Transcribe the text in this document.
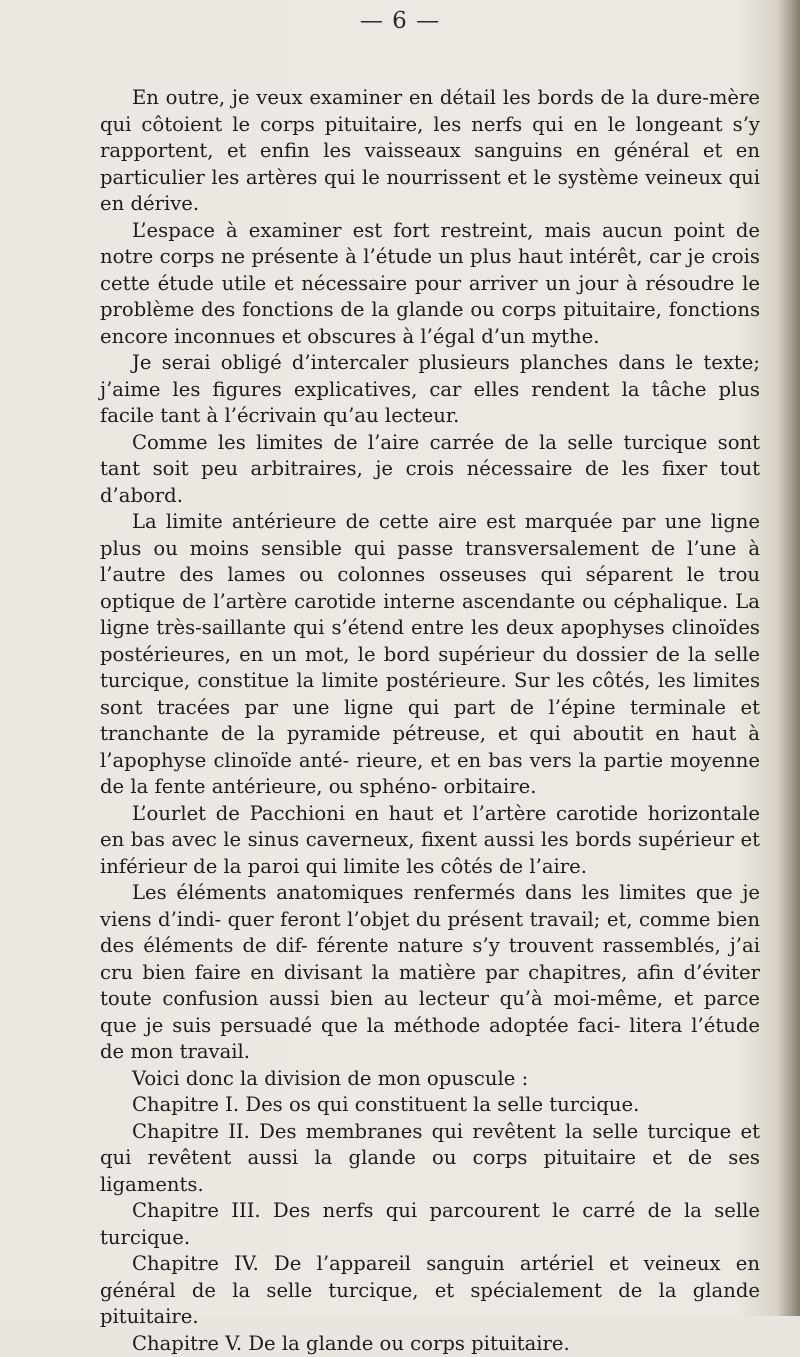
— 6 —

En outre, je veux examiner en détail les bords de la dure-mère qui côtoient le corps pituitaire, les nerfs qui en le longeant s’y rapportent, et enfin les vaisseaux sanguins en général et en particulier les artères qui le nourrissent et le système veineux qui en dérive.

L’espace à examiner est fort restreint, mais aucun point de notre corps ne présente à l’étude un plus haut intérêt, car je crois cette étude utile et nécessaire pour arriver un jour à résoudre le problème des fonctions de la glande ou corps pituitaire, fonctions encore inconnues et obscures à l’égal d’un mythe.

Je serai obligé d’intercaler plusieurs planches dans le texte; j’aime les figures explicatives, car elles rendent la tâche plus facile tant à l’écrivain qu’au lecteur.

Comme les limites de l’aire carrée de la selle turcique sont tant soit peu arbitraires, je crois nécessaire de les fixer tout d’abord.

La limite antérieure de cette aire est marquée par une ligne plus ou moins sensible qui passe transversalement de l’une à l’autre des lames ou colonnes osseuses qui séparent le trou optique de l’artère carotide interne ascendante ou céphalique. La ligne très-saillante qui s’étend entre les deux apophyses clinoïdes postérieures, en un mot, le bord supérieur du dossier de la selle turcique, constitue la limite postérieure. Sur les côtés, les limites sont tracées par une ligne qui part de l’épine terminale et tranchante de la pyramide pétreuse, et qui aboutit en haut à l’apophyse clinoïde anté- rieure, et en bas vers la partie moyenne de la fente antérieure, ou sphéno- orbitaire.

L’ourlet de Pacchioni en haut et l’artère carotide horizontale en bas avec le sinus caverneux, fixent aussi les bords supérieur et inférieur de la paroi qui limite les côtés de l’aire.

Les éléments anatomiques renfermés dans les limites que je viens d’indi- quer feront l’objet du présent travail; et, comme bien des éléments de dif- férente nature s’y trouvent rassemblés, j’ai cru bien faire en divisant la matière par chapitres, afin d’éviter toute confusion aussi bien au lecteur qu’à moi-même, et parce que je suis persuadé que la méthode adoptée faci- litera l’étude de mon travail.

Voici donc la division de mon opuscule :

Chapitre I. Des os qui constituent la selle turcique.

Chapitre II. Des membranes qui revêtent la selle turcique et qui revêtent aussi la glande ou corps pituitaire et de ses ligaments.

Chapitre III. Des nerfs qui parcourent le carré de la selle turcique.

Chapitre IV. De l’appareil sanguin artériel et veineux en général de la selle turcique, et spécialement de la glande pituitaire.

Chapitre V. De la glande ou corps pituitaire.
